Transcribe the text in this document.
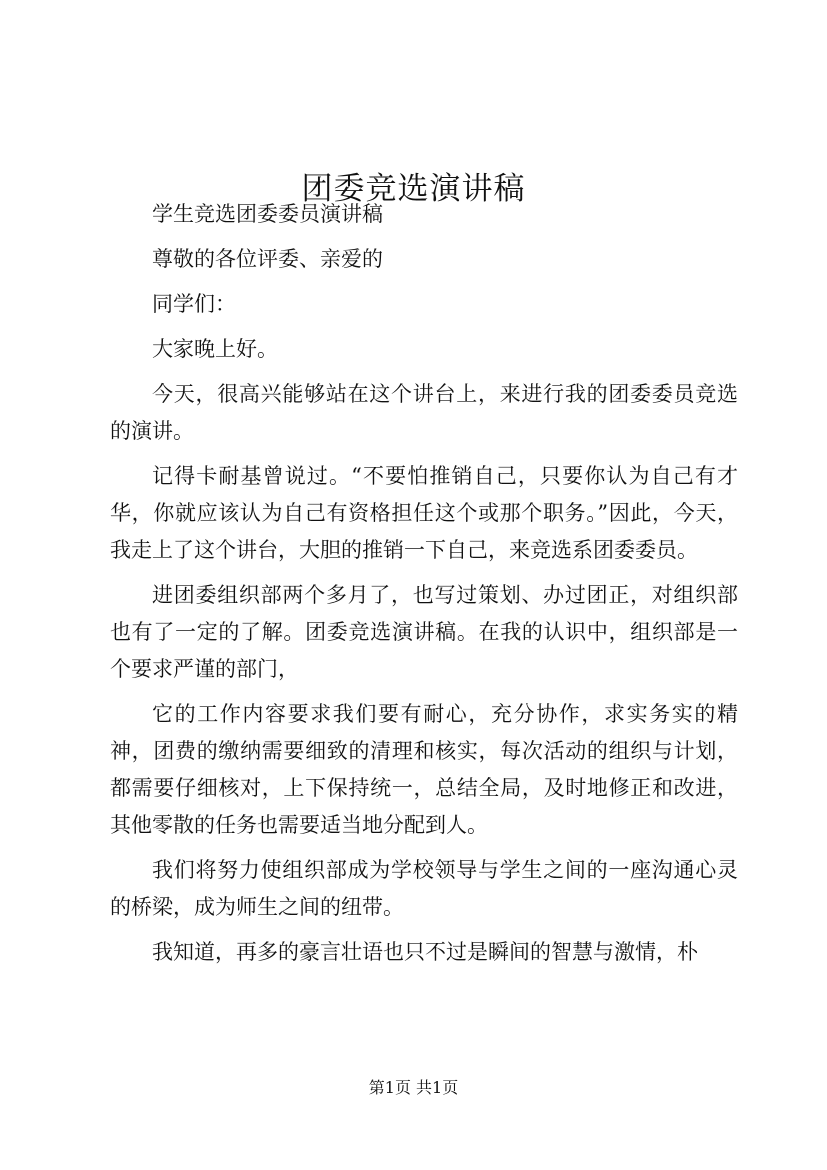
团委竞选演讲稿

学生竞选团委委员演讲稿

尊敬的各位评委、亲爱的

同学们：

大家晚上好。

今天，很高兴能够站在这个讲台上，来进行我的团委委员竞选的演讲。

记得卡耐基曾说过。“不要怕推销自己，只要你认为自己有才华，你就应该认为自己有资格担任这个或那个职务。”因此，今天，我走上了这个讲台，大胆的推销一下自己，来竞选系团委委员。

进团委组织部两个多月了，也写过策划、办过团正，对组织部也有了一定的了解。团委竞选演讲稿。在我的认识中，组织部是一个要求严谨的部门，

它的工作内容要求我们要有耐心，充分协作，求实务实的精神，团费的缴纳需要细致的清理和核实，每次活动的组织与计划，都需要仔细核对，上下保持统一，总结全局，及时地修正和改进，其他零散的任务也需要适当地分配到人。

我们将努力使组织部成为学校领导与学生之间的一座沟通心灵的桥梁，成为师生之间的纽带。

我知道，再多的豪言壮语也只不过是瞬间的智慧与激情，朴

第1页 共1页
